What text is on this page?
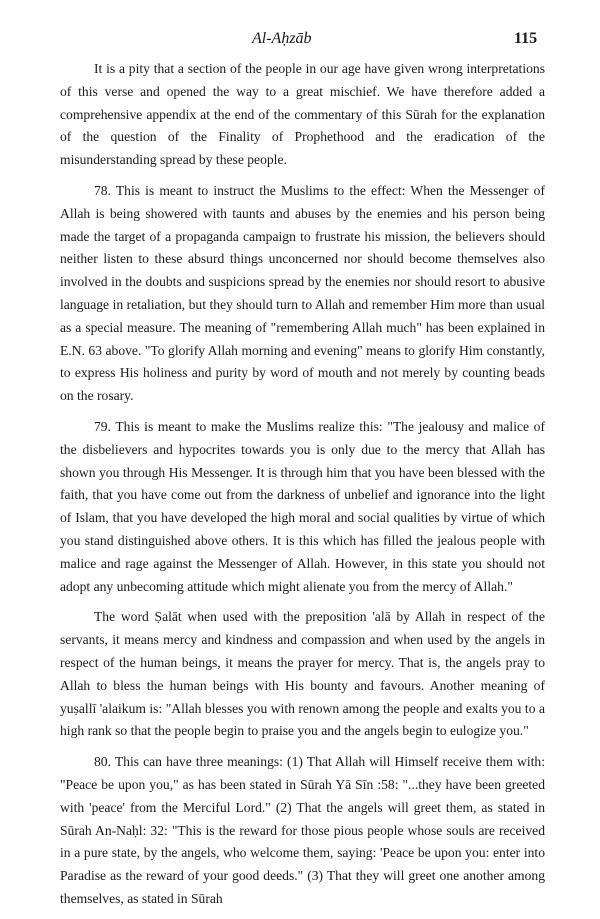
Al-Aḥzāb	115

It is a pity that a section of the people in our age have given wrong interpretations of this verse and opened the way to a great mischief. We have therefore added a comprehensive appendix at the end of the commentary of this Sūrah for the explanation of the question of the Finality of Prophethood and the eradication of the misunderstanding spread by these people.

78. This is meant to instruct the Muslims to the effect: When the Messenger of Allah is being showered with taunts and abuses by the enemies and his person being made the target of a propaganda campaign to frustrate his mission, the believers should neither listen to these absurd things unconcerned nor should become themselves also involved in the doubts and suspicions spread by the enemies nor should resort to abusive language in retaliation, but they should turn to Allah and remember Him more than usual as a special measure. The meaning of "remembering Allah much" has been explained in E.N. 63 above. "To glorify Allah morning and evening" means to glorify Him constantly, to express His holiness and purity by word of mouth and not merely by counting beads on the rosary.

79. This is meant to make the Muslims realize this: "The jealousy and malice of the disbelievers and hypocrites towards you is only due to the mercy that Allah has shown you through His Messenger. It is through him that you have been blessed with the faith, that you have come out from the darkness of unbelief and ignorance into the light of Islam, that you have developed the high moral and social qualities by virtue of which you stand distinguished above others. It is this which has filled the jealous people with malice and rage against the Messenger of Allah. However, in this state you should not adopt any unbecoming attitude which might alienate you from the mercy of Allah."

The word Ṣalāt when used with the preposition 'alā by Allah in respect of the servants, it means mercy and kindness and compassion and when used by the angels in respect of the human beings, it means the prayer for mercy. That is, the angels pray to Allah to bless the human beings with His bounty and favours. Another meaning of yuṣallī 'alaikum is: "Allah blesses you with renown among the people and exalts you to a high rank so that the people begin to praise you and the angels begin to eulogize you."

80. This can have three meanings: (1) That Allah will Himself receive them with: "Peace be upon you," as has been stated in Sūrah Yā Sīn :58: "...they have been greeted with 'peace' from the Merciful Lord." (2) That the angels will greet them, as stated in Sūrah An-Naḥl: 32: "This is the reward for those pious people whose souls are received in a pure state, by the angels, who welcome them, saying: 'Peace be upon you: enter into Paradise as the reward of your good deeds." (3) That they will greet one another among themselves, as stated in Sūrah
